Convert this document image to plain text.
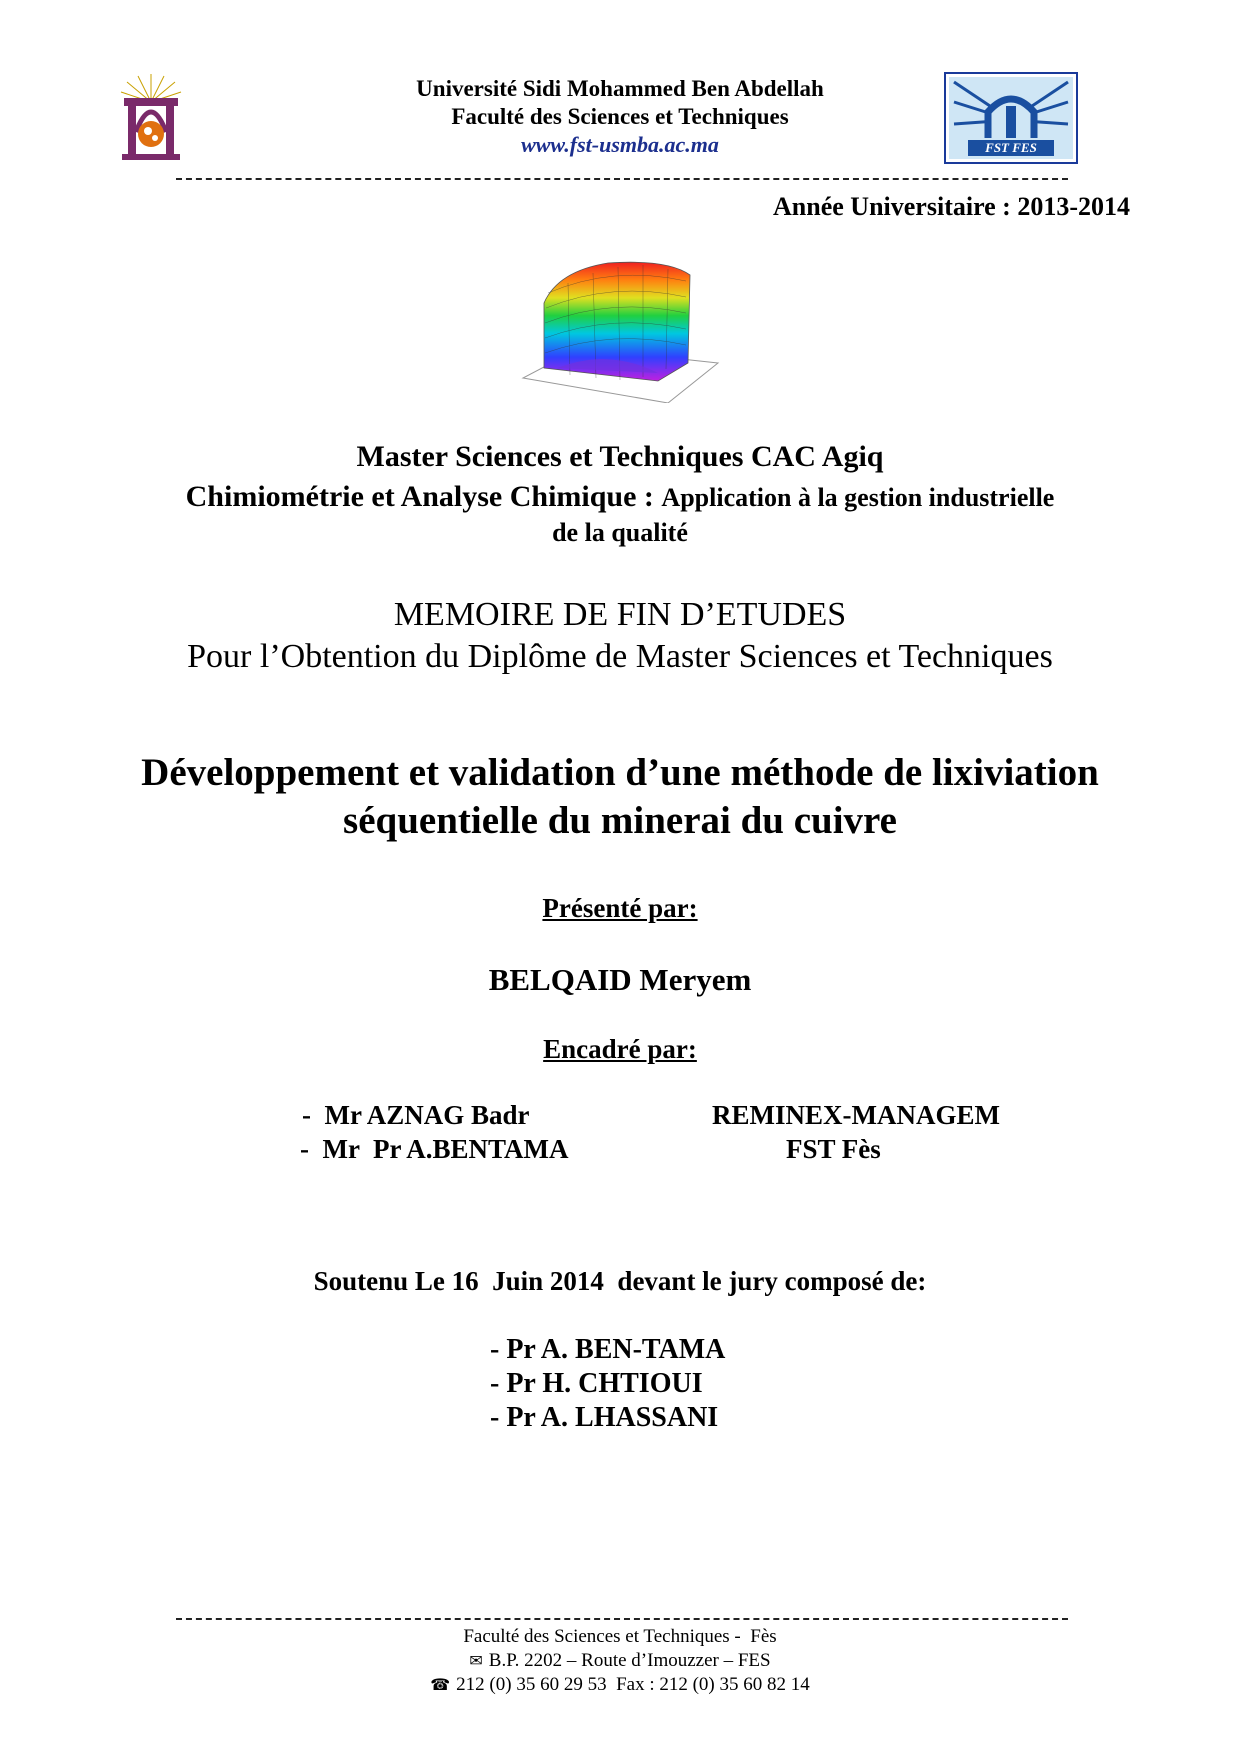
Université Sidi Mohammed Ben Abdellah
Faculté des Sciences et Techniques
www.fst-usmba.ac.ma	FST FES
Année Universitaire : 2013-2014
Master Sciences et Techniques CAC Agiq
Chimiométrie et Analyse Chimique : Application à la gestion industrielle
de la qualité
MEMOIRE DE FIN D’ETUDES
Pour l’Obtention du Diplôme de Master Sciences et Techniques
Développement et validation d’une méthode de lixiviation
séquentielle du minerai du cuivre
Présenté par:
BELQAID Meryem
Encadré par:
-  Mr AZNAG Badr	REMINEX-MANAGEM
-  Mr  Pr A.BENTAMA	FST Fès
Soutenu Le 16  Juin 2014  devant le jury composé de:
- Pr A. BEN-TAMA
- Pr H. CHTIOUI
- Pr A. LHASSANI
Faculté des Sciences et Techniques -  Fès
✉ B.P. 2202 – Route d’Imouzzer – FES
☎ 212 (0) 35 60 29 53  Fax : 212 (0) 35 60 82 14
